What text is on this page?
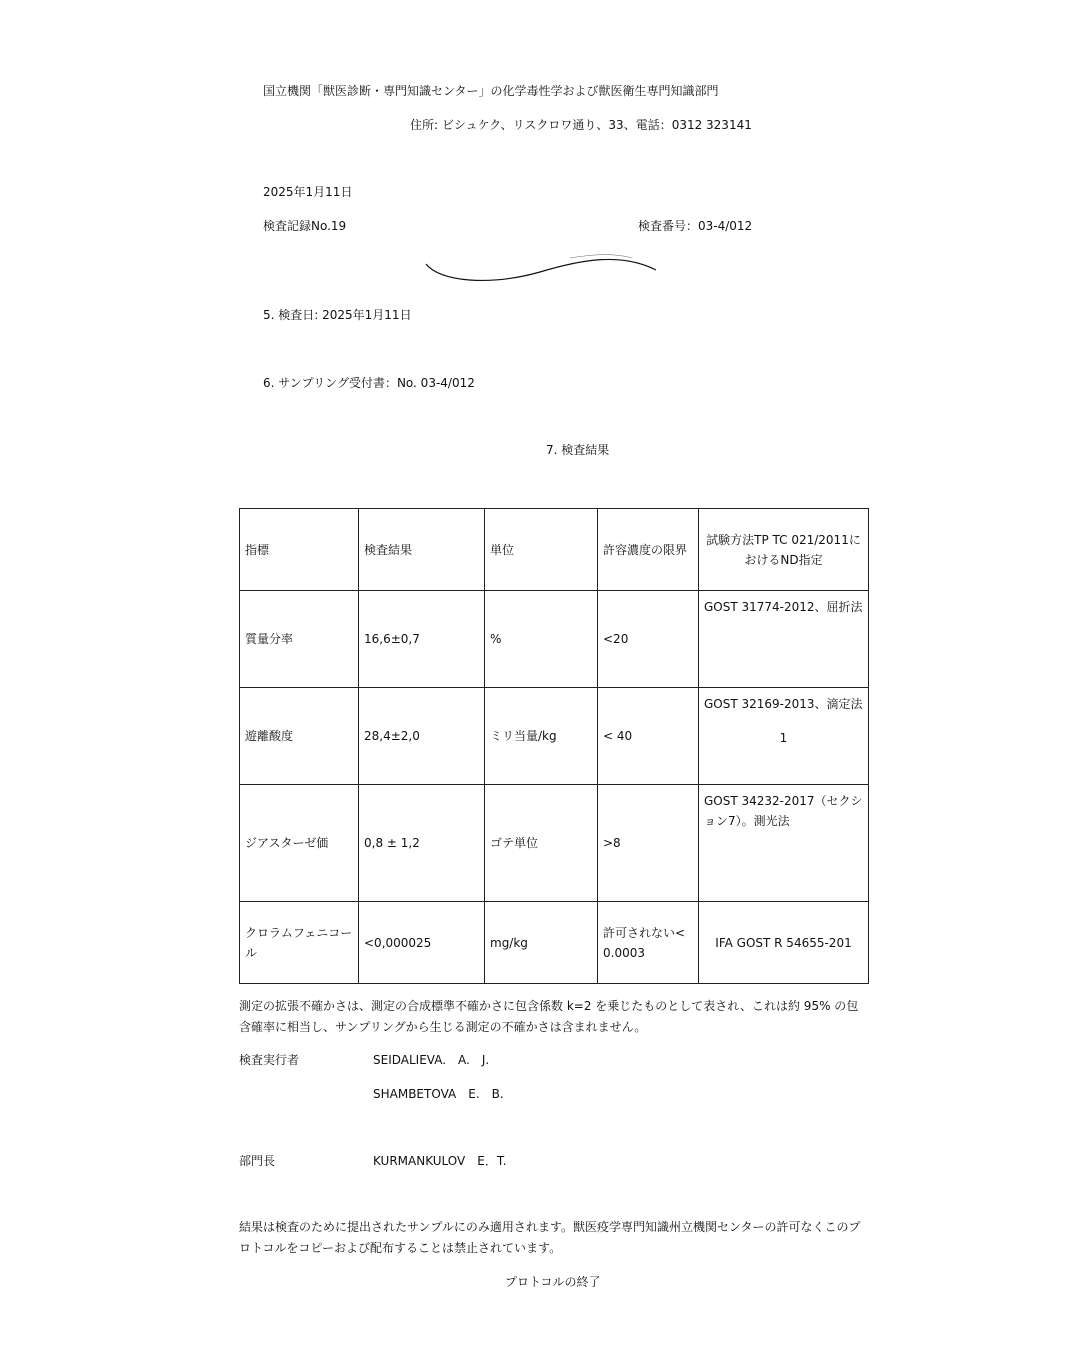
国立機関「獣医診断・専門知識センター」の化学毒性学および獣医衛生専門知識部門
住所: ビシュケク、リスクロワ通り、33、電話：0312 323141
2025年1月11日
検査記録No.19	検査番号：03-4/012
5. 検査日: 2025年1月11日
6. サンプリング受付書：No. 03-4/012
7. 検査結果
指標	検査結果	単位	許容濃度の限界	試験方法TP TC 021/2011におけるND指定
質量分率	16,6±0,7	%	<20	GOST 31774-2012、屈折法
遊離酸度	28,4±2,0	ミリ当量/kg	< 40	GOST 32169-2013、滴定法
1

ジアスターゼ価	0,8 ± 1,2	ゴテ単位	>8	GOST 34232-2017（セクション7）。測光法
クロラムフェニコール	<0,000025	mg/kg	許可されない<0.0003	IFA GOST R 54655-201
測定の拡張不確かさは、測定の合成標準不確かさに包含係数 k=2 を乗じたものとして表され、これは約 95% の包含確率に相当し、サンプリングから生じる測定の不確かさは含まれません。
検査実行者	SEIDALIEVA.　A.　J.
SHAMBETOVA　E.　B.
部門長	KURMANKULOV　E．T.
結果は検査のために提出されたサンプルにのみ適用されます。獣医疫学専門知識州立機関センターの許可なくこのプロトコルをコピーおよび配布することは禁止されています。
プロトコルの終了
